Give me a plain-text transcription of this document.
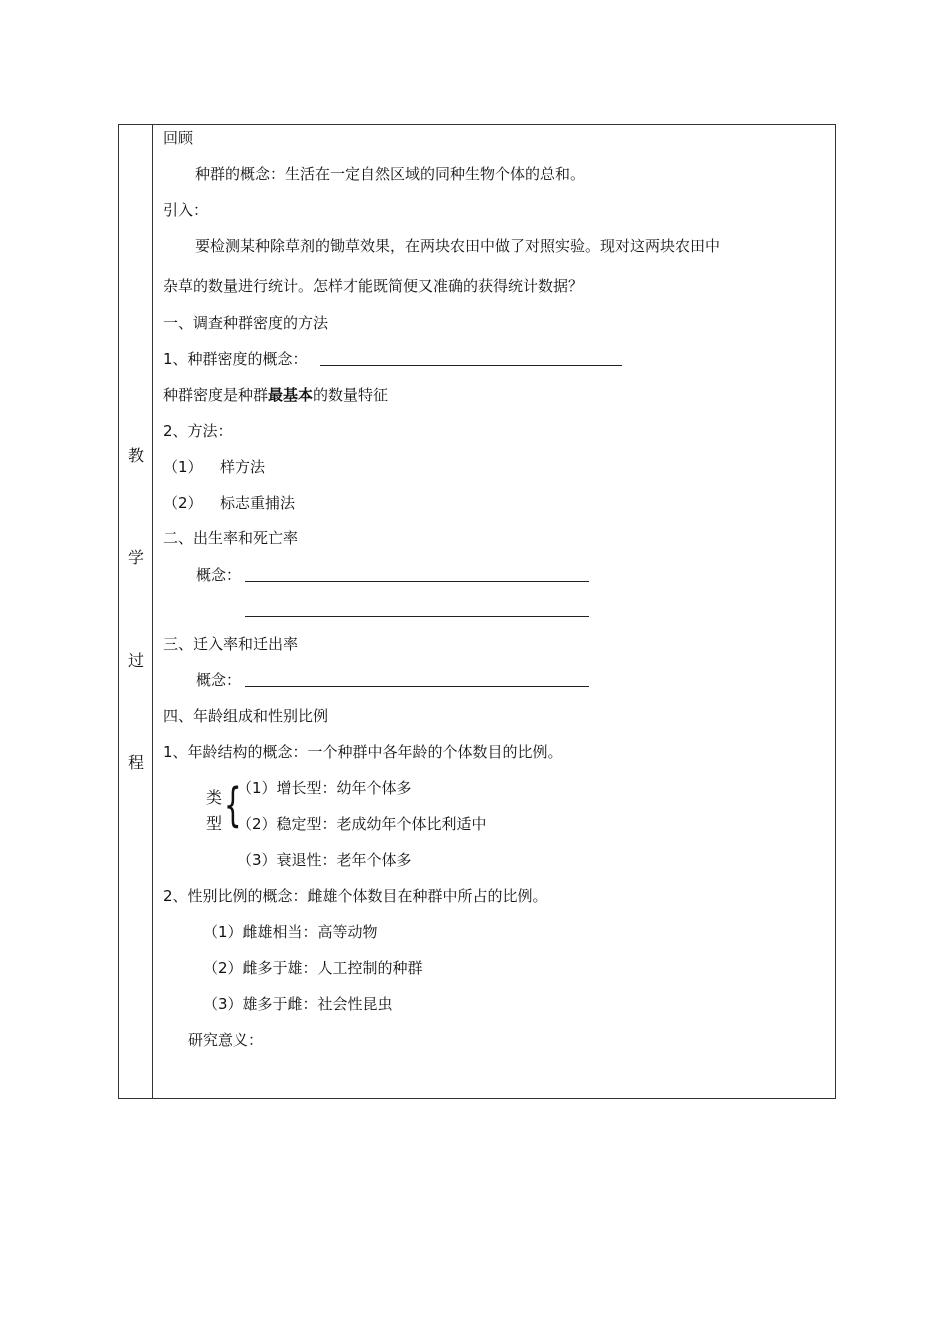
教
学
过
程
回顾
种群的概念：生活在一定自然区域的同种生物个体的总和。
引入：
要检测某种除草剂的锄草效果，在两块农田中做了对照实验。现对这两块农田中
杂草的数量进行统计。怎样才能既简便又准确的获得统计数据？
一、调查种群密度的方法
1、种群密度的概念：
种群密度是种群最基本的数量特征
2、方法：
（1） 样方法
（2） 标志重捕法
二、出生率和死亡率
概念：
三、迁入率和迁出率
概念：
四、年龄组成和性别比例
1、年龄结构的概念：一个种群中各年龄的个体数目的比例。
类
型 {
（1）增长型：幼年个体多
（2）稳定型：老成幼年个体比利适中
（3）衰退性：老年个体多
2、性别比例的概念：雌雄个体数目在种群中所占的比例。
（1）雌雄相当：高等动物
（2）雌多于雄：人工控制的种群
（3）雄多于雌：社会性昆虫
研究意义：
